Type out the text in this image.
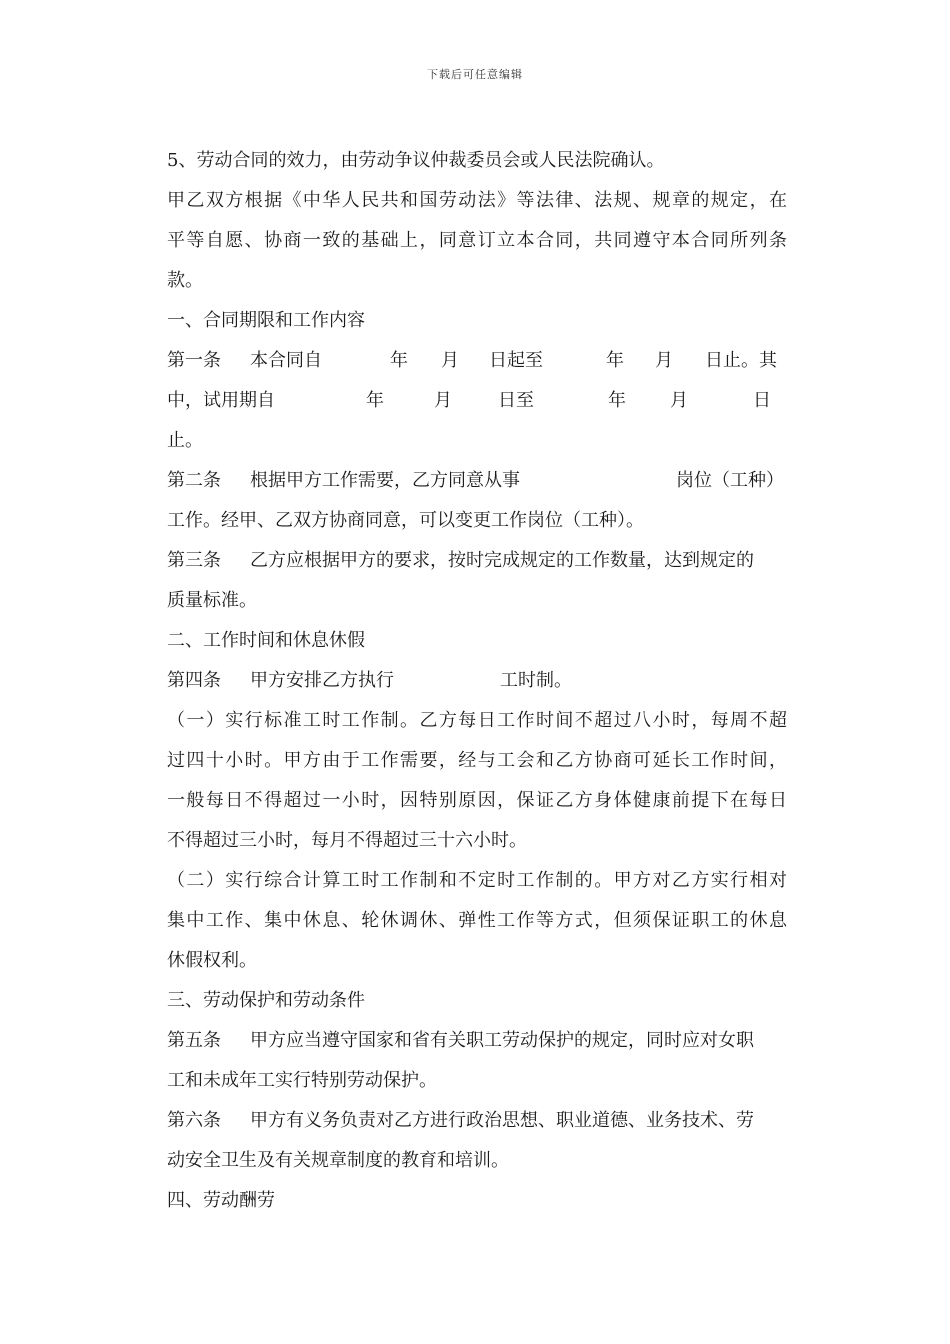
下载后可任意编辑
5、劳动合同的效力，由劳动争议仲裁委员会或人民法院确认。
甲乙双方根据《中华人民共和国劳动法》等法律、法规、规章的规定，在
平等自愿、协商一致的基础上，同意订立本合同，共同遵守本合同所列条
款。
一、合同期限和工作内容
第一条 本合同自	年 月 日起至	年 月 日止。其
中，试用期自	年	月	日至	年 月	日
止。
第二条 根据甲方工作需要，乙方同意从事	岗位（工种）
工作。经甲、乙双方协商同意，可以变更工作岗位（工种）。
第三条 乙方应根据甲方的要求，按时完成规定的工作数量，达到规定的
质量标准。
二、工作时间和休息休假
第四条 甲方安排乙方执行	工时制。
（一）实行标准工时工作制。乙方每日工作时间不超过八小时，每周不超
过四十小时。甲方由于工作需要，经与工会和乙方协商可延长工作时间，
一般每日不得超过一小时，因特别原因，保证乙方身体健康前提下在每日
不得超过三小时，每月不得超过三十六小时。
（二）实行综合计算工时工作制和不定时工作制的。甲方对乙方实行相对
集中工作、集中休息、轮休调休、弹性工作等方式，但须保证职工的休息
休假权利。
三、劳动保护和劳动条件
第五条 甲方应当遵守国家和省有关职工劳动保护的规定，同时应对女职
工和未成年工实行特别劳动保护。
第六条 甲方有义务负责对乙方进行政治思想、职业道德、业务技术、劳
动安全卫生及有关规章制度的教育和培训。
四、劳动酬劳
